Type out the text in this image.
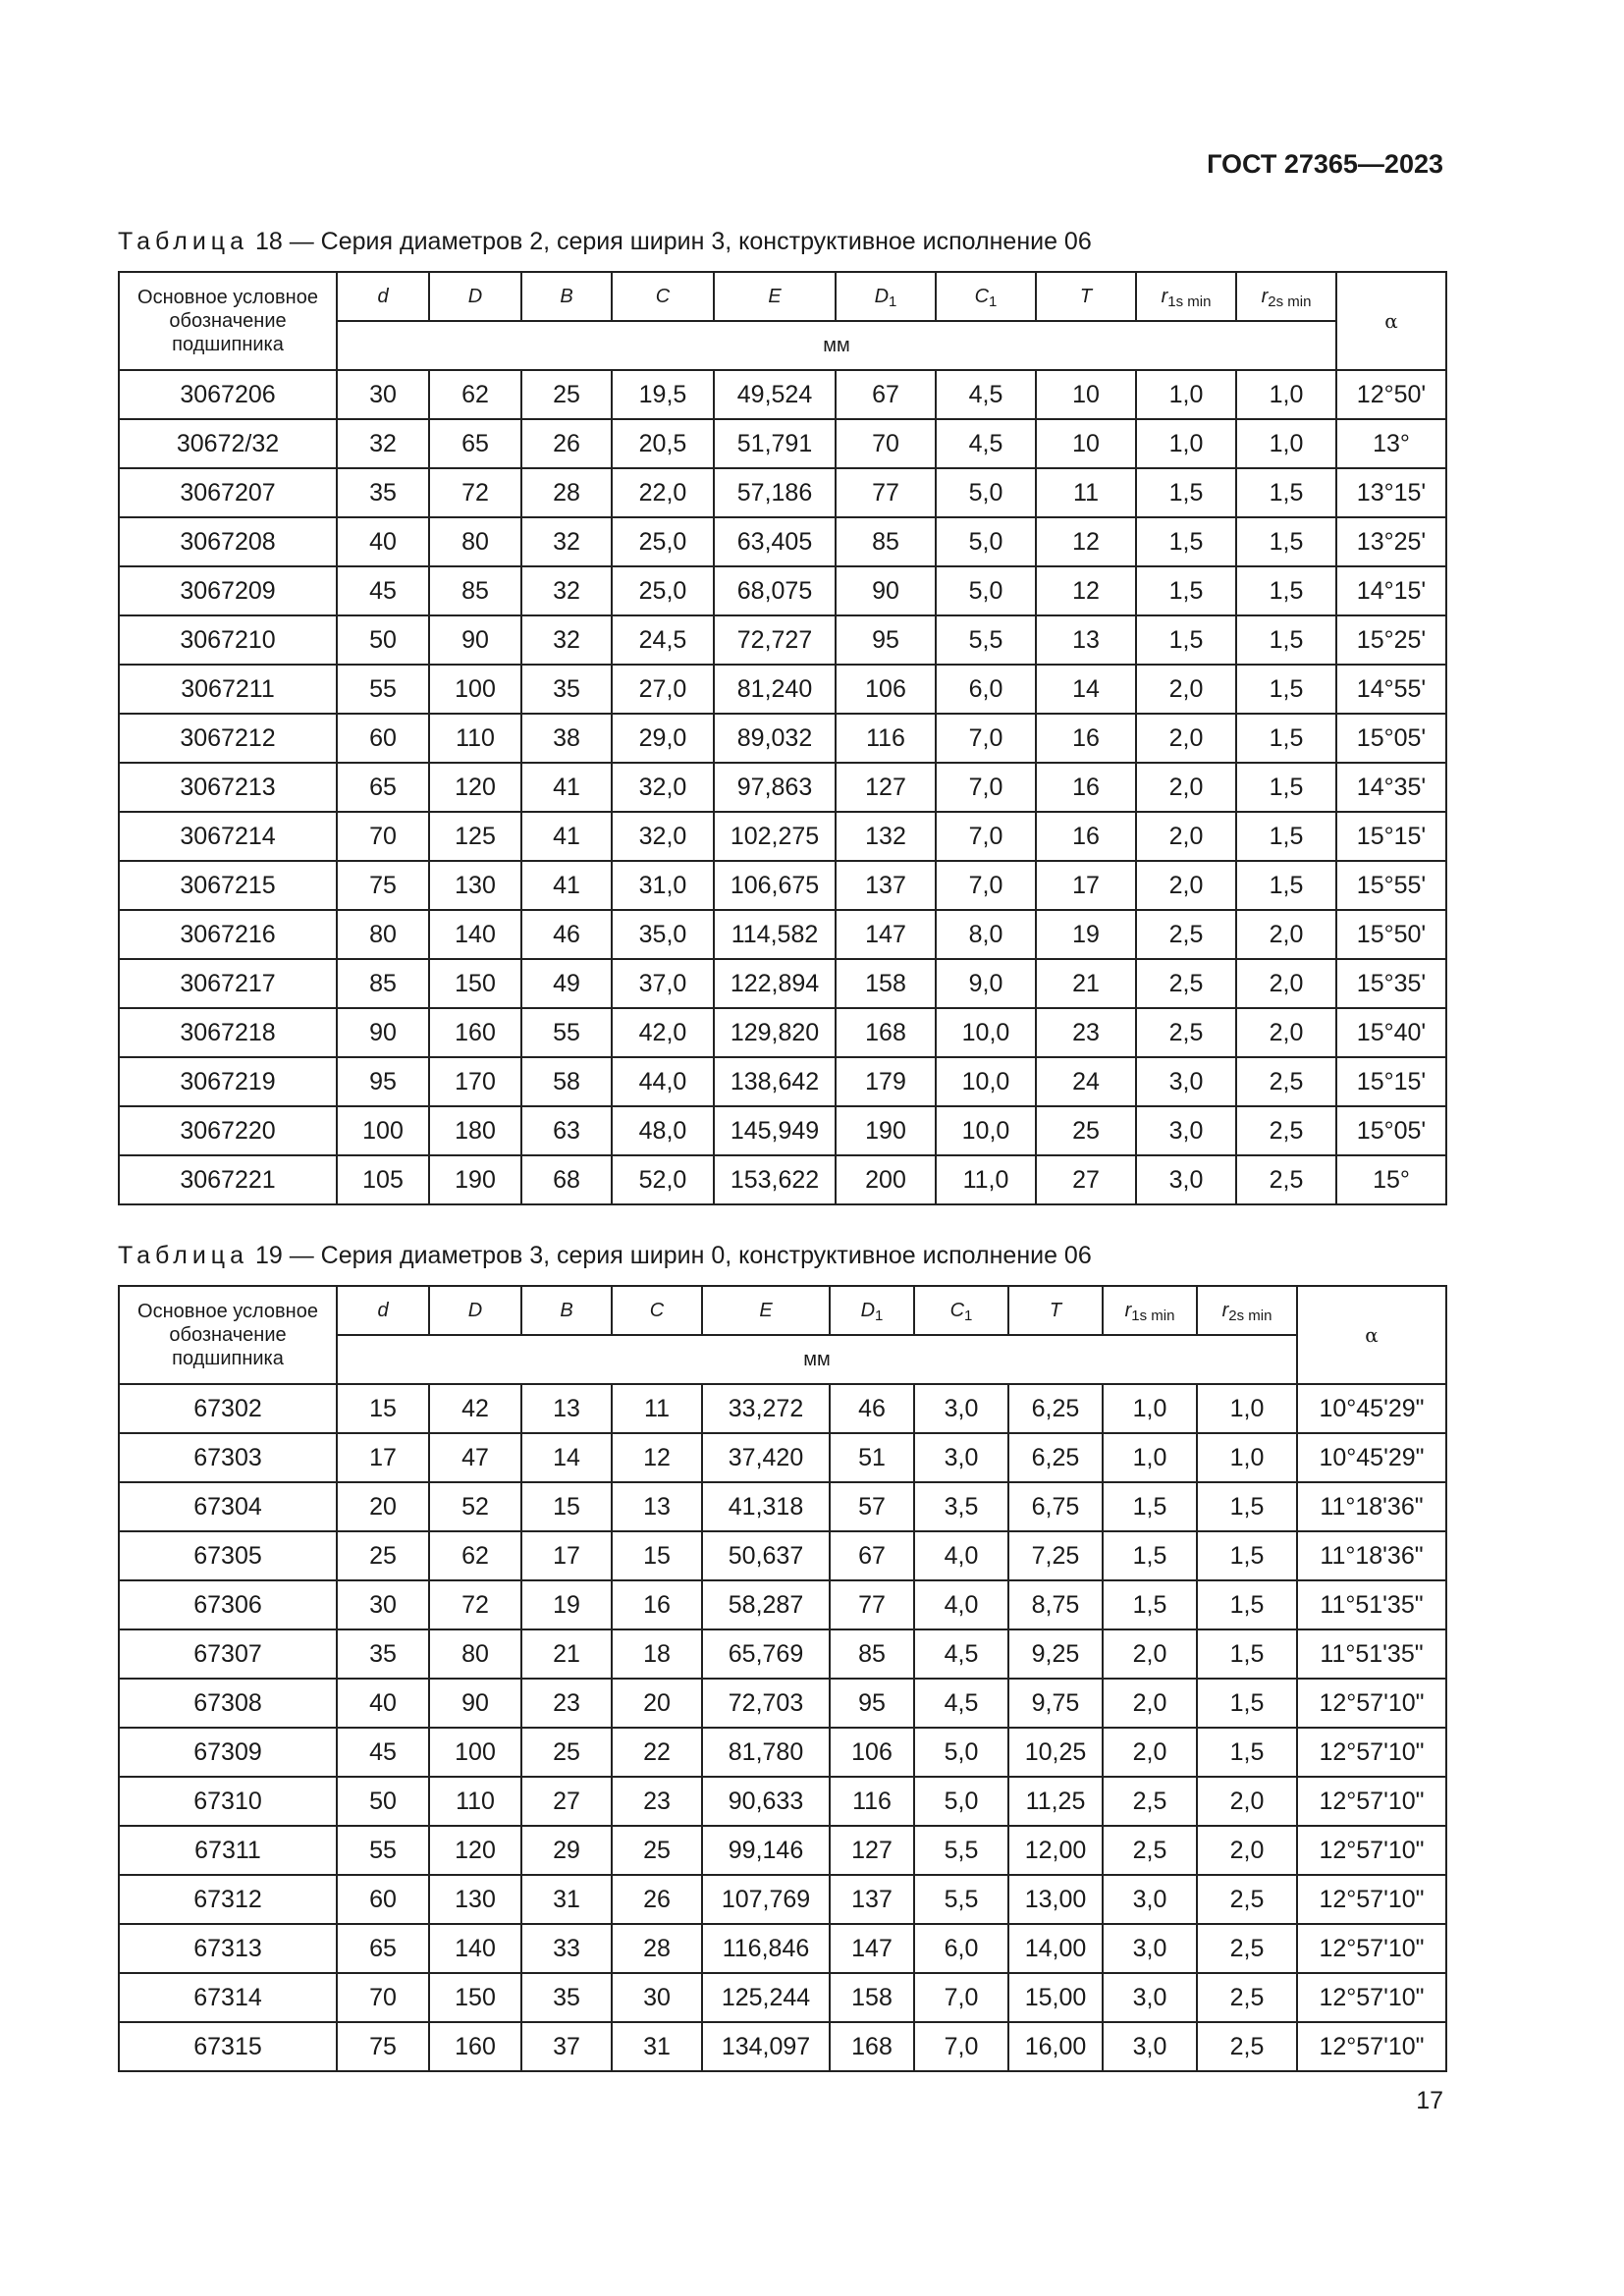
ГОСТ 27365—2023
Таблица 18 — Серия диаметров 2, серия ширин 3, конструктивное исполнение 06
Основное условное обозначение подшипника	d	D	B	C	E	$D_1$	$C_1$	T	$r_{1s min}$	$r_{2s min}$	α
	мм										
3067206	30	62	25	19,5	49,524	67	4,5	10	1,0	1,0	12°50'
30672/32	32	65	26	20,5	51,791	70	4,5	10	1,0	1,0	13°
3067207	35	72	28	22,0	57,186	77	5,0	11	1,5	1,5	13°15'
3067208	40	80	32	25,0	63,405	85	5,0	12	1,5	1,5	13°25'
3067209	45	85	32	25,0	68,075	90	5,0	12	1,5	1,5	14°15'
3067210	50	90	32	24,5	72,727	95	5,5	13	1,5	1,5	15°25'
3067211	55	100	35	27,0	81,240	106	6,0	14	2,0	1,5	14°55'
3067212	60	110	38	29,0	89,032	116	7,0	16	2,0	1,5	15°05'
3067213	65	120	41	32,0	97,863	127	7,0	16	2,0	1,5	14°35'
3067214	70	125	41	32,0	102,275	132	7,0	16	2,0	1,5	15°15'
3067215	75	130	41	31,0	106,675	137	7,0	17	2,0	1,5	15°55'
3067216	80	140	46	35,0	114,582	147	8,0	19	2,5	2,0	15°50'
3067217	85	150	49	37,0	122,894	158	9,0	21	2,5	2,0	15°35'
3067218	90	160	55	42,0	129,820	168	10,0	23	2,5	2,0	15°40'
3067219	95	170	58	44,0	138,642	179	10,0	24	3,0	2,5	15°15'
3067220	100	180	63	48,0	145,949	190	10,0	25	3,0	2,5	15°05'
3067221	105	190	68	52,0	153,622	200	11,0	27	3,0	2,5	15°
Таблица 19 — Серия диаметров 3, серия ширин 0, конструктивное исполнение 06
Основное условное обозначение подшипника	d	D	B	C	E	$D_1$	$C_1$	T	$r_{1s min}$	$r_{2s min}$	α
	мм										
67302	15	42	13	11	33,272	46	3,0	6,25	1,0	1,0	10°45'29"
67303	17	47	14	12	37,420	51	3,0	6,25	1,0	1,0	10°45'29"
67304	20	52	15	13	41,318	57	3,5	6,75	1,5	1,5	11°18'36"
67305	25	62	17	15	50,637	67	4,0	7,25	1,5	1,5	11°18'36"
67306	30	72	19	16	58,287	77	4,0	8,75	1,5	1,5	11°51'35"
67307	35	80	21	18	65,769	85	4,5	9,25	2,0	1,5	11°51'35"
67308	40	90	23	20	72,703	95	4,5	9,75	2,0	1,5	12°57'10"
67309	45	100	25	22	81,780	106	5,0	10,25	2,0	1,5	12°57'10"
67310	50	110	27	23	90,633	116	5,0	11,25	2,5	2,0	12°57'10"
67311	55	120	29	25	99,146	127	5,5	12,00	2,5	2,0	12°57'10"
67312	60	130	31	26	107,769	137	5,5	13,00	3,0	2,5	12°57'10"
67313	65	140	33	28	116,846	147	6,0	14,00	3,0	2,5	12°57'10"
67314	70	150	35	30	125,244	158	7,0	15,00	3,0	2,5	12°57'10"
67315	75	160	37	31	134,097	168	7,0	16,00	3,0	2,5	12°57'10"
17
